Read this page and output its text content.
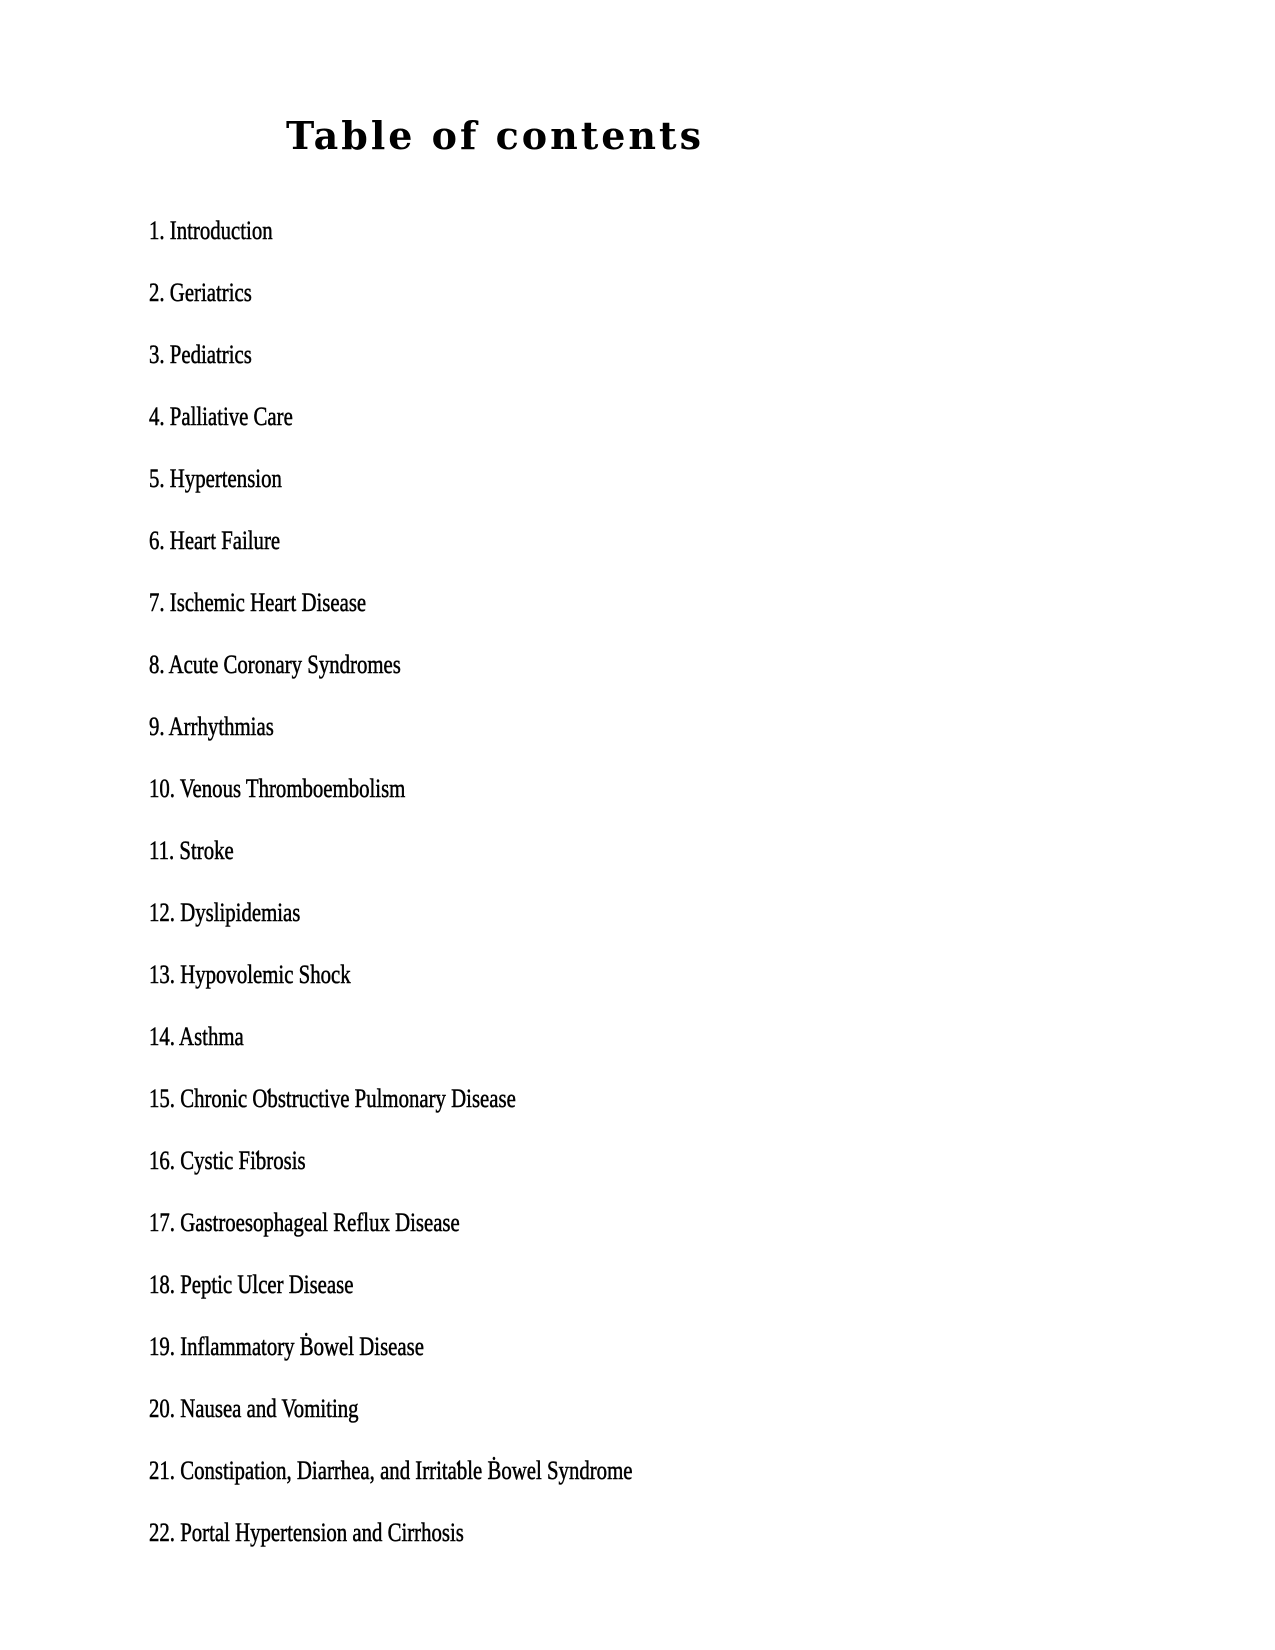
Table of contents
1. Introduction
2. Geriatrics
3. Pediatrics
4. Palliative Care
5. Hypertension
6. Heart Failure
7. Ischemic Heart Disease
8. Acute Coronary Syndromes
9. Arrhythmias
10. Venous Thromboembolism
11. Stroke
12. Dyslipidemias
13. Hypovolemic Shock
14. Asthma
15. Chronic Oƅstructive Pulmonary Disease
16. Cystic Fiƅrosis
17. Gastroesophageal Reflux Disease
18. Peptic Ulcer Disease
19. Inflammatory Ḃowel Disease
20. Nausea and Vomiting
21. Constipation, Diarrhea, and Irritaƅle Ḃowel Syndrome
22. Portal Hypertension and Cirrhosis
